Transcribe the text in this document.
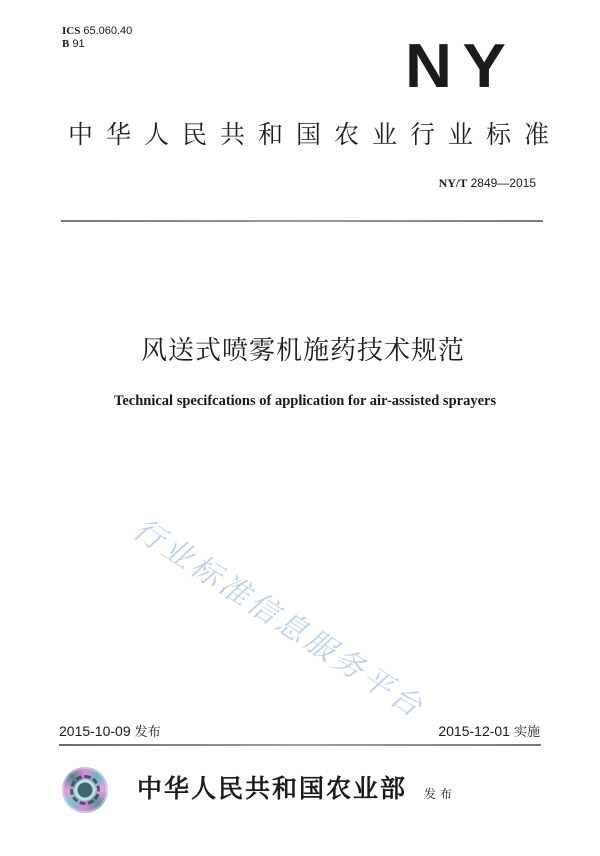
ICS 65.060.40
B 91	NY
中华人民共和国农业行业标准
NY/T 2849—2015
风送式喷雾机施药技术规范
Technical specifcations of application for air-assisted sprayers
行业标准信息服务平台
2015-10-09 发布	2015-12-01 实施
中华人民共和国农业部 发布
